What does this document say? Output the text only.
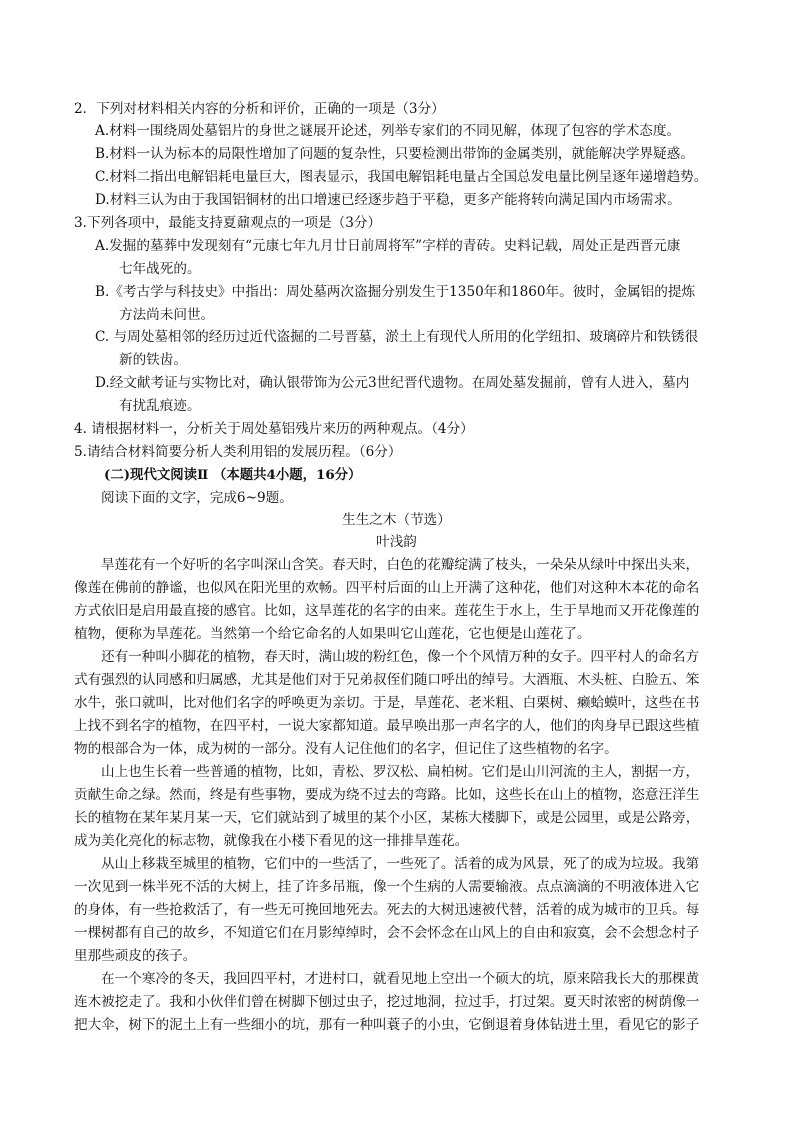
2．下列对材料相关内容的分析和评价，正确的一项是（3分）
A.材料一围绕周处墓铝片的身世之谜展开论述，列举专家们的不同见解，体现了包容的学术态度。
B.材料一认为标本的局限性增加了问题的复杂性，只要检测出带饰的金属类别，就能解决学界疑惑。
C.材料二指出电解铝耗电量巨大，图表显示，我国电解铝耗电量占全国总发电量比例呈逐年递增趋势。
D.材料三认为由于我国铝铜材的出口增速已经逐步趋于平稳，更多产能将转向满足国内市场需求。
3.下列各项中，最能支持夏鼐观点的一项是（3分）
A.发掘的墓葬中发现刻有“元康七年九月廿日前周将军”字样的青砖。史料记载，周处正是西晋元康
七年战死的。
B.《考古学与科技史》中指出：周处墓两次盗掘分别发生于1350年和1860年。彼时，金属铝的提炼
方法尚未问世。
C. 与周处墓相邻的经历过近代盗掘的二号晋墓，淤土上有现代人所用的化学纽扣、玻璃碎片和铁锈很
新的铁齿。
D.经文献考证与实物比对，确认银带饰为公元3世纪晋代遗物。在周处墓发掘前，曾有人进入，墓内
有扰乱痕迹。
4. 请根据材料一，分析关于周处墓铝残片来历的两种观点。（4分）
5.请结合材料简要分析人类利用铝的发展历程。（6分）
(二)现代文阅读Ⅱ （本题共4小题，16分）
阅读下面的文字，完成6~9题。
生生之木（节选）
叶浅韵
旱莲花有一个好听的名字叫深山含笑。春天时，白色的花瓣绽满了枝头，一朵朵从绿叶中探出头来，
像莲在佛前的静谧，也似风在阳光里的欢畅。四平村后面的山上开满了这种花，他们对这种木本花的命名
方式依旧是启用最直接的感官。比如，这旱莲花的名字的由来。莲花生于水上，生于旱地而又开花像莲的
植物，便称为旱莲花。当然第一个给它命名的人如果叫它山莲花，它也便是山莲花了。
还有一种叫小脚花的植物，春天时，满山坡的粉红色，像一个个风情万种的女子。四平村人的命名方
式有强烈的认同感和归属感，尤其是他们对于兄弟叔侄们随口呼出的绰号。大酒瓶、木头桩、白脸五、笨
水牛，张口就叫，比对他们名字的呼唤更为亲切。于是，旱莲花、老米粗、白栗树、癞蛤蟆叶，这些在书
上找不到名字的植物，在四平村，一说大家都知道。最早唤出那一声名字的人，他们的肉身早已跟这些植
物的根部合为一体，成为树的一部分。没有人记住他们的名字，但记住了这些植物的名字。
山上也生长着一些普通的植物，比如，青松、罗汉松、扁柏树。它们是山川河流的主人，割据一方，
贡献生命之绿。然而，终是有些事物，要成为绕不过去的弯路。比如，这些长在山上的植物，恣意汪洋生
长的植物在某年某月某一天，它们就站到了城里的某个小区，某栋大楼脚下，或是公园里，或是公路旁，
成为美化亮化的标志物，就像我在小楼下看见的这一排排旱莲花。
从山上移栽至城里的植物，它们中的一些活了，一些死了。活着的成为风景，死了的成为垃圾。我第
一次见到一株半死不活的大树上，挂了许多吊瓶，像一个生病的人需要输液。点点滴滴的不明液体进入它
的身体，有一些抢救活了，有一些无可挽回地死去。死去的大树迅速被代替，活着的成为城市的卫兵。每
一棵树都有自己的故乡，不知道它们在月影绰绰时，会不会怀念在山风上的自由和寂寞，会不会想念村子
里那些顽皮的孩子。
在一个寒冷的冬天，我回四平村，才进村口，就看见地上空出一个硕大的坑，原来陪我长大的那棵黄
连木被挖走了。我和小伙伴们曾在树脚下刨过虫子，挖过地洞，拉过手，打过架。夏天时浓密的树荫像一
把大伞，树下的泥土上有一些细小的坑，那有一种叫蓑子的小虫，它倒退着身体钻进土里，看见它的影子
